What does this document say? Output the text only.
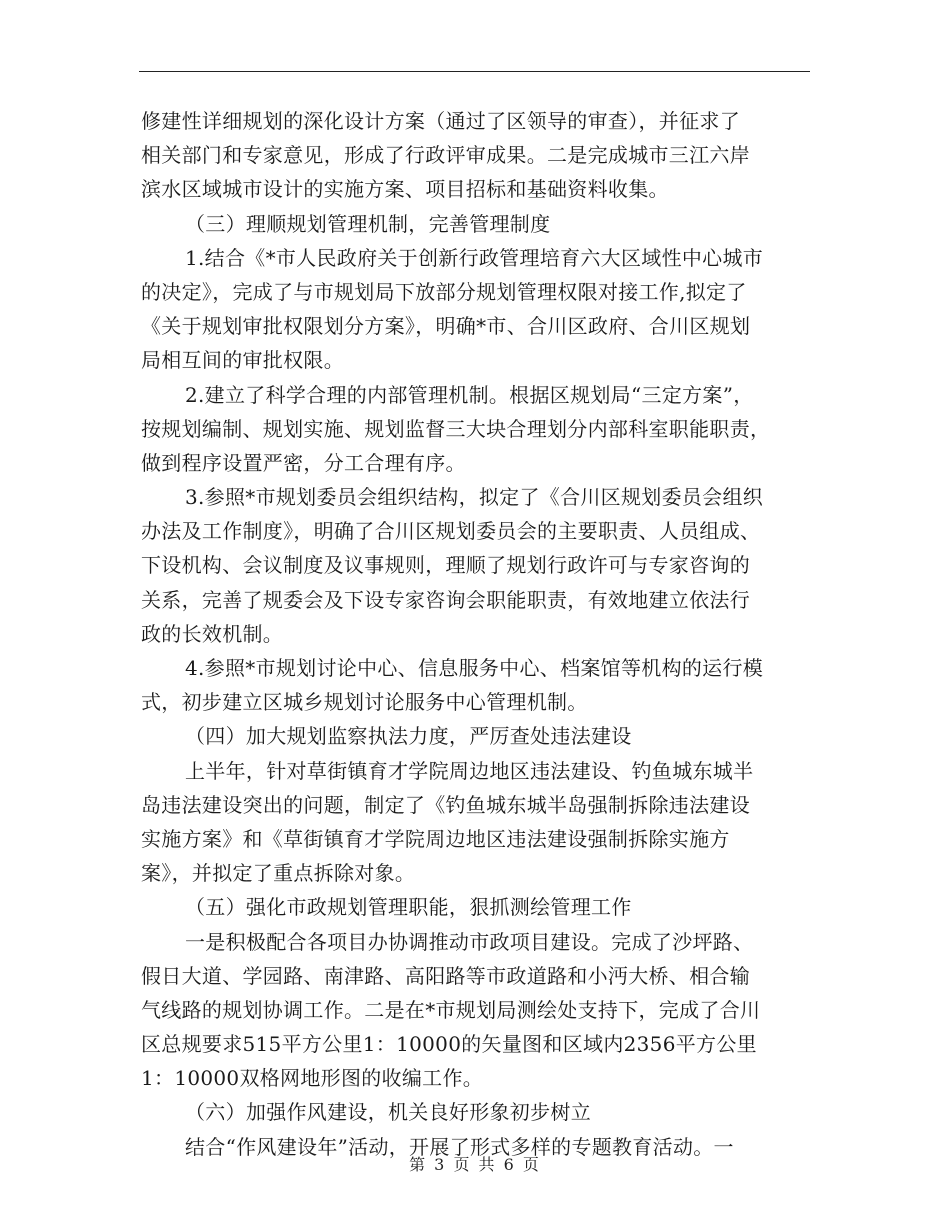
修建性详细规划的深化设计方案（通过了区领导的审查），并征求了
相关部门和专家意见，形成了行政评审成果。二是完成城市三江六岸
滨水区域城市设计的实施方案、项目招标和基础资料收集。
（三）理顺规划管理机制，完善管理制度
1.结合《*市人民政府关于创新行政管理培育六大区域性中心城市
的决定》，完成了与市规划局下放部分规划管理权限对接工作,拟定了
《关于规划审批权限划分方案》，明确*市、合川区政府、合川区规划
局相互间的审批权限。
2.建立了科学合理的内部管理机制。根据区规划局“三定方案”，
按规划编制、规划实施、规划监督三大块合理划分内部科室职能职责，
做到程序设置严密，分工合理有序。
3.参照*市规划委员会组织结构，拟定了《合川区规划委员会组织
办法及工作制度》，明确了合川区规划委员会的主要职责、人员组成、
下设机构、会议制度及议事规则，理顺了规划行政许可与专家咨询的
关系，完善了规委会及下设专家咨询会职能职责，有效地建立依法行
政的长效机制。
4.参照*市规划讨论中心、信息服务中心、档案馆等机构的运行模
式，初步建立区城乡规划讨论服务中心管理机制。
（四）加大规划监察执法力度，严厉查处违法建设
上半年，针对草街镇育才学院周边地区违法建设、钓鱼城东城半
岛违法建设突出的问题，制定了《钓鱼城东城半岛强制拆除违法建设
实施方案》和《草街镇育才学院周边地区违法建设强制拆除实施方
案》，并拟定了重点拆除对象。
（五）强化市政规划管理职能，狠抓测绘管理工作
一是积极配合各项目办协调推动市政项目建设。完成了沙坪路、
假日大道、学园路、南津路、高阳路等市政道路和小沔大桥、相合输
气线路的规划协调工作。二是在*市规划局测绘处支持下，完成了合川
区总规要求515平方公里1：10000的矢量图和区域内2356平方公里
1：10000双格网地形图的收编工作。
（六）加强作风建设，机关良好形象初步树立
结合“作风建设年”活动，开展了形式多样的专题教育活动。一
第 3 页 共 6 页
